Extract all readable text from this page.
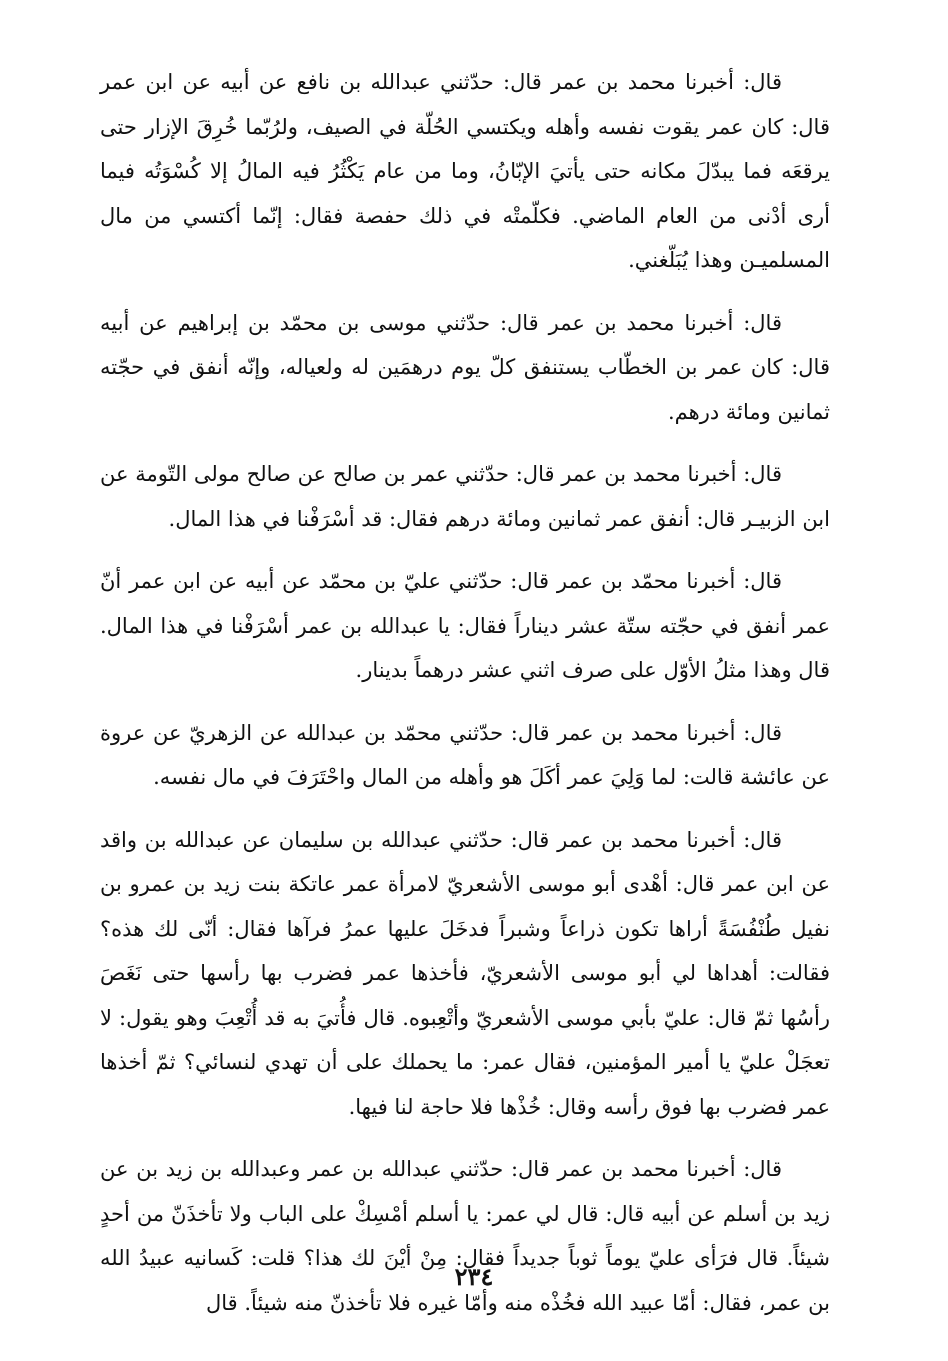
قال: أخبرنا محمد بن عمر قال: حدّثني عبدالله بن نافع عن أبيه عن ابن عمر قال: كان عمر يقوت نفسه وأهله ويكتسي الحُلّة في الصيف، ولرُبّما خُرِقَ الإزار حتى يرقعَه فما يبدّلَ مكانه حتى يأتيَ الإبّانُ، وما من عام يَكْثُرُ فيه المالُ إلا كُسْوَتُه فيما أرى أدْنى من العام الماضي. فكلّمتْه في ذلك حفصة فقال: إنّما أكتسي من مال المسلميـن وهذا يُبَلّغني.

قال: أخبرنا محمد بن عمر قال: حدّثني موسى بن محمّد بن إبراهيم عن أبيه قال: كان عمر بن الخطّاب يستنفق كلّ يوم درهمَين له ولعياله، وإنّه أنفق في حجّته ثمانين ومائة درهم.

قال: أخبرنا محمد بن عمر قال: حدّثني عمر بن صالح عن صالح مولى التّومة عن ابن الزبيـر قال: أنفق عمر ثمانين ومائة درهم فقال: قد أسْرَفْنا في هذا المال.

قال: أخبرنا محمّد بن عمر قال: حدّثني عليّ بن محمّد عن أبيه عن ابن عمر أنّ عمر أنفق في حجّته ستّة عشر ديناراً فقال: يا عبدالله بن عمر أسْرَفْنا في هذا المال. قال وهذا مثلُ الأوّل على صرف اثني عشر درهماً بدينار.

قال: أخبرنا محمد بن عمر قال: حدّثني محمّد بن عبدالله عن الزهريّ عن عروة عن عائشة قالت: لما وَلِيَ عمر أكَلَ هو وأهله من المال واحْتَرَفَ في مال نفسه.

قال: أخبرنا محمد بن عمر قال: حدّثني عبدالله بن سليمان عن عبدالله بن واقد عن ابن عمر قال: أهْدى أبو موسى الأشعريّ لامرأة عمر عاتكة بنت زيد بن عمرو بن نفيل طُنْفُسَةً أراها تكون ذراعاً وشبراً فدخَلَ عليها عمرُ فرآها فقال: أنّى لك هذه؟ فقالت: أهداها لي أبو موسى الأشعريّ، فأخذها عمر فضرب بها رأسها حتى نَغَصَ رأسُها ثمّ قال: عليّ بأبي موسى الأشعريّ وأتْعِبوه. قال فأُتيَ به قد أُتْعِبَ وهو يقول: لا تعجَلْ عليّ يا أمير المؤمنين، فقال عمر: ما يحملك على أن تهدي لنسائي؟ ثمّ أخذها عمر فضرب بها فوق رأسه وقال: خُذْها فلا حاجة لنا فيها.

قال: أخبرنا محمد بن عمر قال: حدّثني عبدالله بن عمر وعبدالله بن زيد بن عن زيد بن أسلم عن أبيه قال: قال لي عمر: يا أسلم أمْسِكْ على الباب ولا تأخذَنّ من أحدٍ شيئاً. قال فرَأى عليّ يوماً ثوباً جديداً فقال: مِنْ أيْنَ لك هذا؟ قلت: كَسانيه عبيدُ الله بن عمر، فقال: أمّا عبيد الله فخُذْه منه وأمّا غيره فلا تأخذنّ منه شيئاً. قال

٢٣٤
